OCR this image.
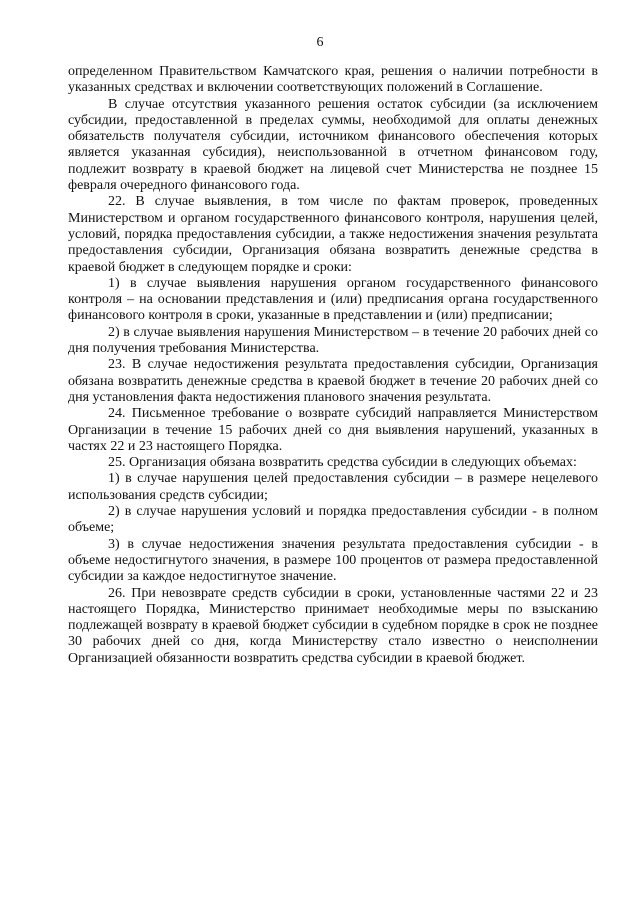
6

определенном Правительством Камчатского края, решения о наличии потребности в указанных средствах и включении соответствующих положений в Соглашение.

В случае отсутствия указанного решения остаток субсидии (за исключением субсидии, предоставленной в пределах суммы, необходимой для оплаты денежных обязательств получателя субсидии, источником финансового обеспечения которых является указанная субсидия), неиспользованной в отчетном финансовом году, подлежит возврату в краевой бюджет на лицевой счет Министерства не позднее 15 февраля очередного финансового года.

22. В случае выявления, в том числе по фактам проверок, проведенных Министерством и органом государственного финансового контроля, нарушения целей, условий, порядка предоставления субсидии, а также недостижения значения результата предоставления субсидии, Организация обязана возвратить денежные средства в краевой бюджет в следующем порядке и сроки:

1) в случае выявления нарушения органом государственного финансового контроля – на основании представления и (или) предписания органа государственного финансового контроля в сроки, указанные в представлении и (или) предписании;

2) в случае выявления нарушения Министерством – в течение 20 рабочих дней со дня получения требования Министерства.

23. В случае недостижения результата предоставления субсидии, Организация обязана возвратить денежные средства в краевой бюджет в течение 20 рабочих дней со дня установления факта недостижения планового значения результата.

24. Письменное требование о возврате субсидий направляется Министерством Организации в течение 15 рабочих дней со дня выявления нарушений, указанных в частях 22 и 23 настоящего Порядка.

25. Организация обязана возвратить средства субсидии в следующих объемах:

1) в случае нарушения целей предоставления субсидии – в размере нецелевого использования средств субсидии;

2) в случае нарушения условий и порядка предоставления субсидии - в полном объеме;

3) в случае недостижения значения результата предоставления субсидии - в объеме недостигнутого значения, в размере 100 процентов от размера предоставленной субсидии за каждое недостигнутое значение.

26. При невозврате средств субсидии в сроки, установленные частями 22 и 23 настоящего Порядка, Министерство принимает необходимые меры по взысканию подлежащей возврату в краевой бюджет субсидии в судебном порядке в срок не позднее 30 рабочих дней со дня, когда Министерству стало известно о неисполнении Организацией обязанности возвратить средства субсидии в краевой бюджет.
